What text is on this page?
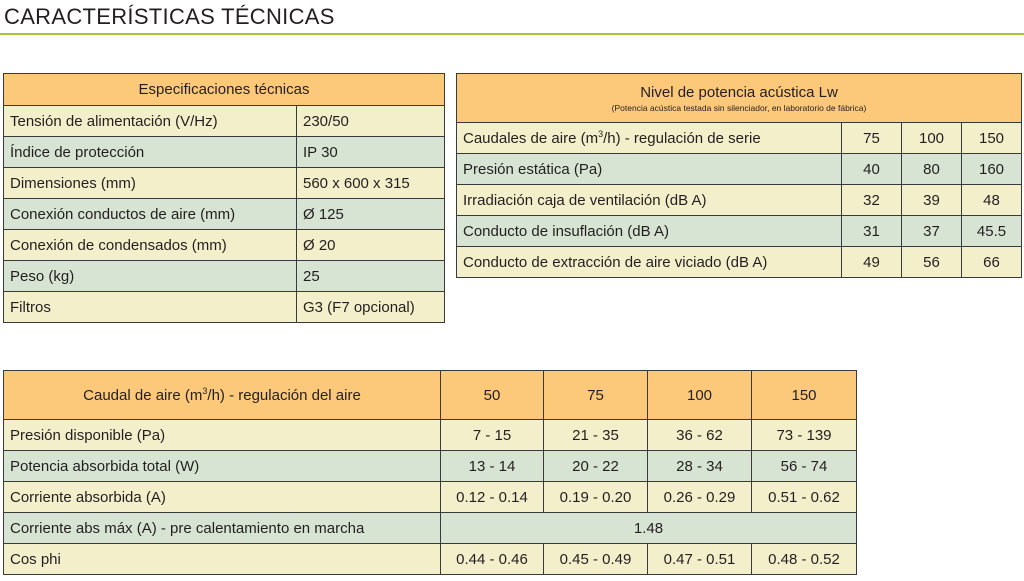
CARACTERÍSTICAS TÉCNICAS
Especificaciones técnicas	
Tensión de alimentación (V/Hz)	230/50
Índice de protección	IP 30
Dimensiones (mm)	560 x 600 x 315
Conexión conductos de aire (mm)	Ø 125
Conexión de condensados (mm)	Ø 20
Peso (kg)	25
Filtros	G3 (F7 opcional)
Nivel de potencia acústica Lw
(Potencia acústica testada sin silenciador, en laboratorio de fábrica)			

Caudales de aire $(m^3/h)$ - regulación de serie	75	100	150
Presión estática (Pa)	40	80	160
Irradiación caja de ventilación (dB A)	32	39	48
Conducto de insuflación (dB A)	31	37	45.5
Conducto de extracción de aire viciado (dB A)	49	56	66
Caudal de aire $(m^3/h)$ - regulación del aire	50	75	100	150
Presión disponible (Pa)	7 - 15	21 - 35	36 - 62	73 - 139
Potencia absorbida total (W)	13 - 14	20 - 22	28 - 34	56 - 74
Corriente absorbida (A)	0.12 - 0.14	0.19 - 0.20	0.26 - 0.29	0.51 - 0.62
Corriente abs máx (A) - pre calentamiento en marcha	1.48			
Cos phi	0.44 - 0.46	0.45 - 0.49	0.47 - 0.51	0.48 - 0.52
